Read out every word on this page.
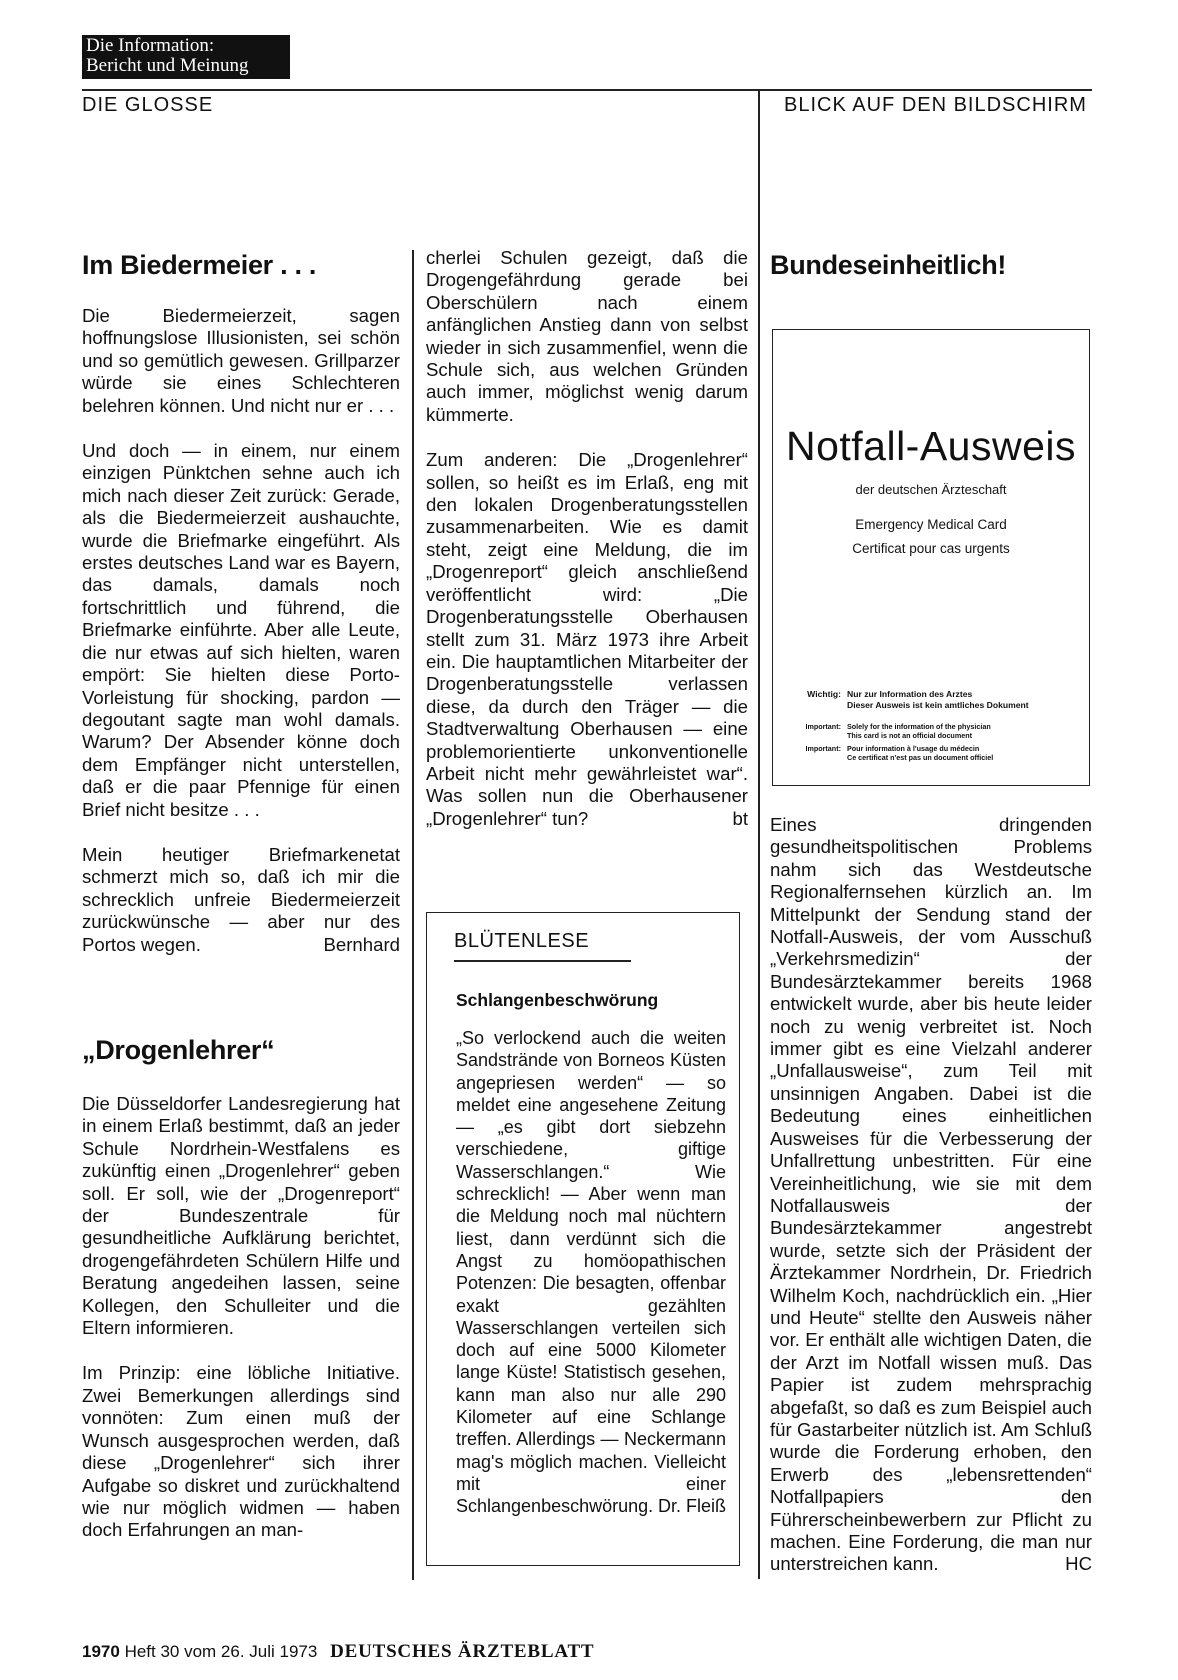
Die Information:
Bericht und Meinung
DIE GLOSSE	BLICK AUF DEN BILDSCHIRM
Im Biedermeier . . .

Die Biedermeierzeit, sagen hoffnungslose Illusionisten, sei schön und so gemütlich gewesen. Grillparzer würde sie eines Schlechteren belehren können. Und nicht nur er . . .

Und doch — in einem, nur einem einzigen Pünktchen sehne auch ich mich nach dieser Zeit zurück: Gerade, als die Biedermeierzeit aushauchte, wurde die Briefmarke eingeführt. Als erstes deutsches Land war es Bayern, das damals, damals noch fortschrittlich und führend, die Briefmarke einführte. Aber alle Leute, die nur etwas auf sich hielten, waren empört: Sie hielten diese Porto-Vorleistung für shocking, pardon — degoutant sagte man wohl damals. Warum? Der Absender könne doch dem Empfänger nicht unterstellen, daß er die paar Pfennige für einen Brief nicht besitze . . .

Mein heutiger Briefmarkenetat schmerzt mich so, daß ich mir die schrecklich unfreie Biedermeierzeit zurückwünsche — aber nur des Portos wegen.	Bernhard

„Drogenlehrer“

Die Düsseldorfer Landesregierung hat in einem Erlaß bestimmt, daß an jeder Schule Nordrhein-Westfalens es zukünftig einen „Drogenlehrer“ geben soll. Er soll, wie der „Drogenreport“ der Bundeszentrale für gesundheitliche Aufklärung berichtet, drogengefährdeten Schülern Hilfe und Beratung angedeihen lassen, seine Kollegen, den Schulleiter und die Eltern informieren.

Im Prinzip: eine löbliche Initiative. Zwei Bemerkungen allerdings sind vonnöten: Zum einen muß der Wunsch ausgesprochen werden, daß diese „Drogenlehrer“ sich ihrer Aufgabe so diskret und zurückhaltend wie nur möglich widmen — haben doch Erfahrungen an man-

cherlei Schulen gezeigt, daß die Drogengefährdung gerade bei Oberschülern nach einem anfänglichen Anstieg dann von selbst wieder in sich zusammenfiel, wenn die Schule sich, aus welchen Gründen auch immer, möglichst wenig darum kümmerte.

Zum anderen: Die „Drogenlehrer“ sollen, so heißt es im Erlaß, eng mit den lokalen Drogenberatungsstellen zusammenarbeiten. Wie es damit steht, zeigt eine Meldung, die im „Drogenreport“ gleich anschließend veröffentlicht wird: „Die Drogenberatungsstelle Oberhausen stellt zum 31. März 1973 ihre Arbeit ein. Die hauptamtlichen Mitarbeiter der Drogenberatungsstelle verlassen diese, da durch den Träger — die Stadtverwaltung Oberhausen — eine problemorientierte unkonventionelle Arbeit nicht mehr gewährleistet war“. Was sollen nun die Oberhausener „Drogenlehrer“ tun?	bt

BLÜTENLESE
Schlangenbeschwörung

„So verlockend auch die weiten Sandstrände von Borneos Küsten angepriesen werden“ — so meldet eine angesehene Zeitung — „es gibt dort siebzehn verschiedene, giftige Wasserschlangen.“ Wie schrecklich! — Aber wenn man die Meldung noch mal nüchtern liest, dann verdünnt sich die Angst zu homöopathischen Potenzen: Die besagten, offenbar exakt gezählten Wasserschlangen verteilen sich doch auf eine 5000 Kilometer lange Küste! Statistisch gesehen, kann man also nur alle 290 Kilometer auf eine Schlange treffen. Allerdings — Neckermann mag's möglich machen. Vielleicht mit einer Schlangenbeschwörung. Dr. Fleiß

Bundeseinheitlich!
Notfall-Ausweis
der deutschen Ärzteschaft
Emergency Medical Card
Certificat pour cas urgents
Wichtig: Nur zur Information des Arztes
Dieser Ausweis ist kein amtliches Dokument
Important: Solely for the information of the physician
This card is not an official document
Important: Pour information à l'usage du médecin
Ce certificat n'est pas un document officiel

Eines dringenden gesundheitspolitischen Problems nahm sich das Westdeutsche Regionalfernsehen kürzlich an. Im Mittelpunkt der Sendung stand der Notfall-Ausweis, der vom Ausschuß „Verkehrsmedizin“ der Bundesärztekammer bereits 1968 entwickelt wurde, aber bis heute leider noch zu wenig verbreitet ist. Noch immer gibt es eine Vielzahl anderer „Unfallausweise“, zum Teil mit unsinnigen Angaben. Dabei ist die Bedeutung eines einheitlichen Ausweises für die Verbesserung der Unfallrettung unbestritten. Für eine Vereinheitlichung, wie sie mit dem Notfallausweis der Bundesärztekammer angestrebt wurde, setzte sich der Präsident der Ärztekammer Nordrhein, Dr. Friedrich Wilhelm Koch, nachdrücklich ein. „Hier und Heute“ stellte den Ausweis näher vor. Er enthält alle wichtigen Daten, die der Arzt im Notfall wissen muß. Das Papier ist zudem mehrsprachig abgefaßt, so daß es zum Beispiel auch für Gastarbeiter nützlich ist. Am Schluß wurde die Forderung erhoben, den Erwerb des „lebensrettenden“ Notfallpapiers den Führerscheinbewerbern zur Pflicht zu machen. Eine Forderung, die man nur unterstreichen kann.	HC

1970 Heft 30 vom 26. Juli 1973 DEUTSCHES ÄRZTEBLATT
